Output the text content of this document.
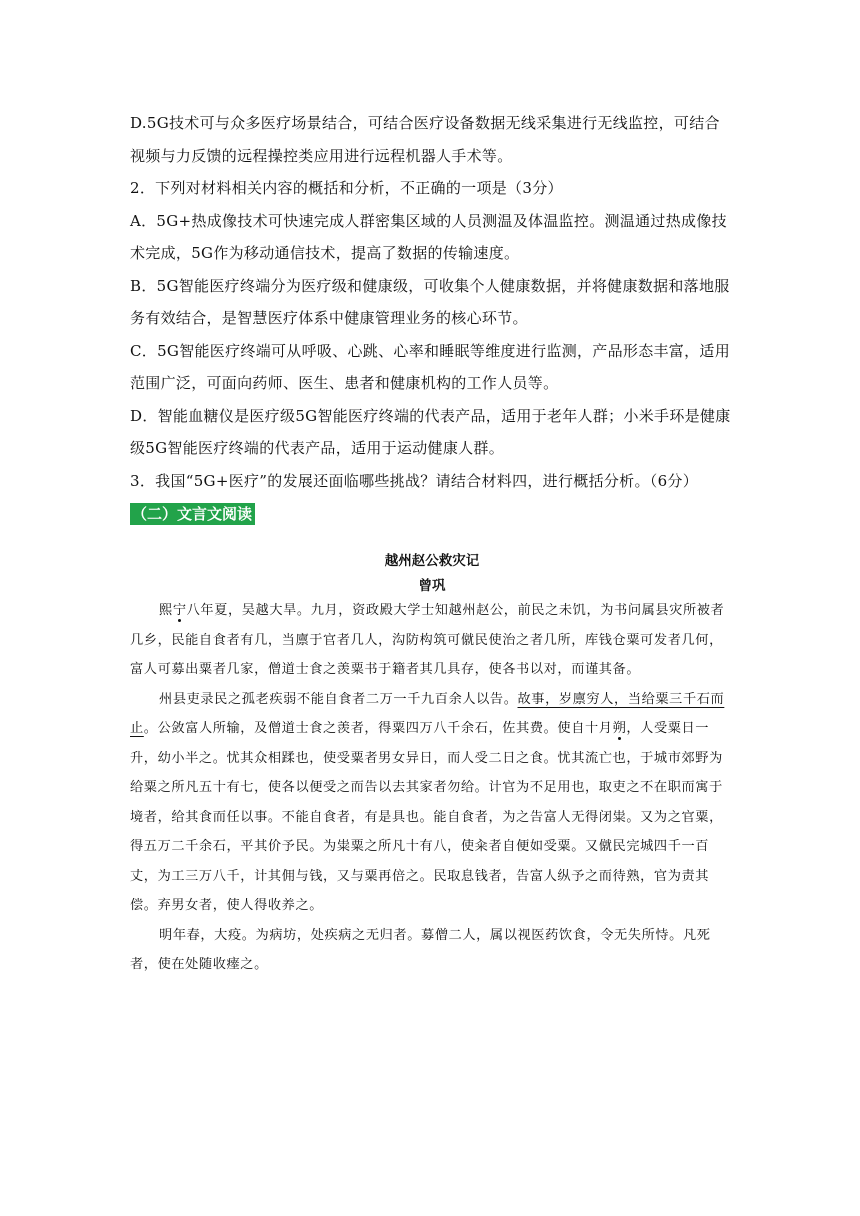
D.5G技术可与众多医疗场景结合，可结合医疗设备数据无线采集进行无线监控，可结合视频与力反馈的远程操控类应用进行远程机器人手术等。

2．下列对材料相关内容的概括和分析，不正确的一项是（3分）

A．5G+热成像技术可快速完成人群密集区域的人员测温及体温监控。测温通过热成像技术完成，5G作为移动通信技术，提高了数据的传输速度。

B．5G智能医疗终端分为医疗级和健康级，可收集个人健康数据，并将健康数据和落地服务有效结合，是智慧医疗体系中健康管理业务的核心环节。

C．5G智能医疗终端可从呼吸、心跳、心率和睡眠等维度进行监测，产品形态丰富，适用范围广泛，可面向药师、医生、患者和健康机构的工作人员等。

D．智能血糖仪是医疗级5G智能医疗终端的代表产品，适用于老年人群；小米手环是健康级5G智能医疗终端的代表产品，适用于运动健康人群。

3．我国“5G+医疗”的发展还面临哪些挑战？请结合材料四，进行概括分析。（6分）

（二）文言文阅读

越州赵公救灾记

曾巩

熙宁八年夏，吴越大旱。九月，资政殿大学士知越州赵公，前民之未饥，为书问属县灾所被者几乡，民能自食者有几，当廪于官者几人，沟防构筑可僦民使治之者几所，库钱仓粟可发者几何，富人可募出粟者几家，僧道士食之羡粟书于籍者其几具存，使各书以对，而谨其备。

州县吏录民之孤老疾弱不能自食者二万一千九百余人以告。故事，岁廪穷人，当给粟三千石而止。公敛富人所输，及僧道士食之羡者，得粟四万八千余石，佐其费。使自十月朔，人受粟日一升，幼小半之。忧其众相蹂也，使受粟者男女异日，而人受二日之食。忧其流亡也，于城市郊野为给粟之所凡五十有七，使各以便受之而告以去其家者勿给。计官为不足用也，取吏之不在职而寓于境者，给其食而任以事。不能自食者，有是具也。能自食者，为之告富人无得闭粜。又为之官粟，得五万二千余石，平其价予民。为粜粟之所凡十有八，使籴者自便如受粟。又僦民完城四千一百丈，为工三万八千，计其佣与钱，又与粟再倍之。民取息钱者，告富人纵予之而待熟，官为责其偿。弃男女者，使人得收养之。

明年春，大疫。为病坊，处疾病之无归者。募僧二人，属以视医药饮食，令无失所恃。凡死者，使在处随收瘗之。
